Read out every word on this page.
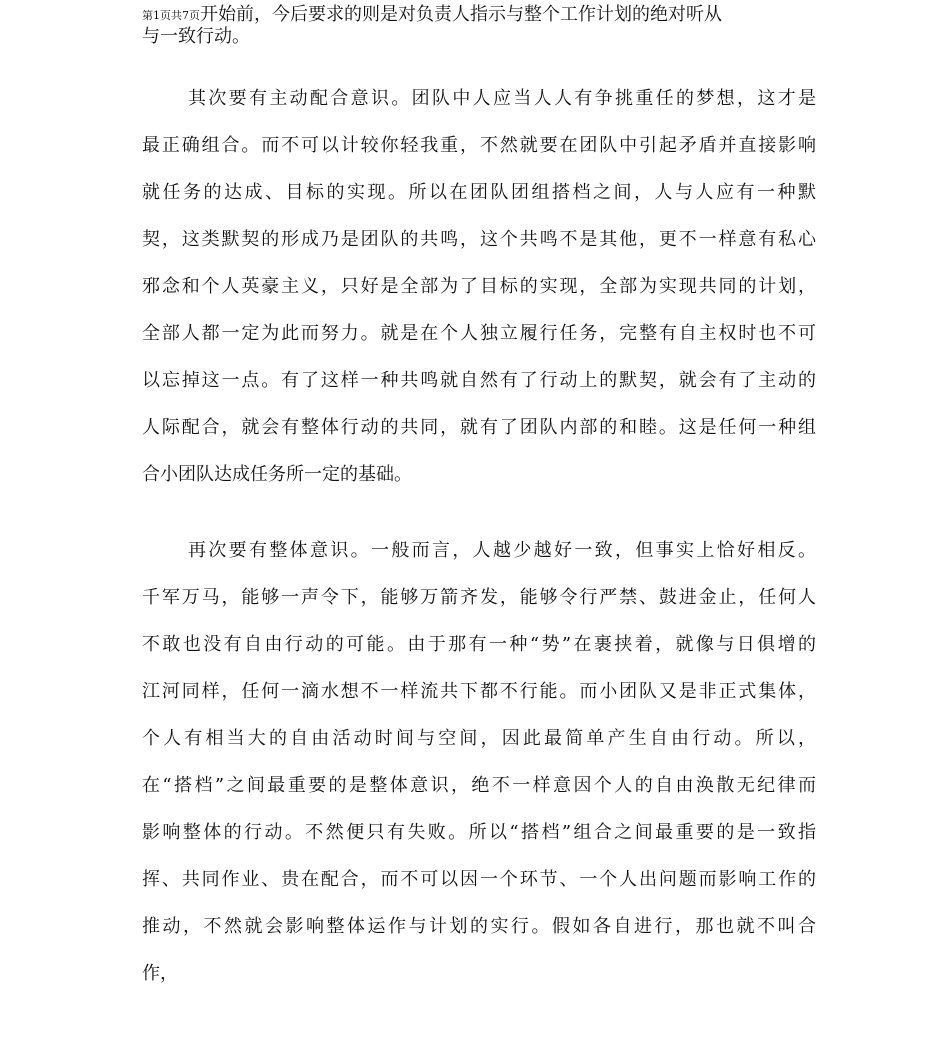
第1页共7页开始前，今后要求的则是对负责人指示与整个工作计划的绝对听从
与一致行动。
其次要有主动配合意识。团队中人应当人人有争挑重任的梦想，这才是
最正确组合。而不可以计较你轻我重，不然就要在团队中引起矛盾并直接影响
就任务的达成、目标的实现。所以在团队团组搭档之间，人与人应有一种默
契，这类默契的形成乃是团队的共鸣，这个共鸣不是其他，更不一样意有私心
邪念和个人英豪主义，只好是全部为了目标的实现，全部为实现共同的计划，
全部人都一定为此而努力。就是在个人独立履行任务，完整有自主权时也不可
以忘掉这一点。有了这样一种共鸣就自然有了行动上的默契，就会有了主动的
人际配合，就会有整体行动的共同，就有了团队内部的和睦。这是任何一种组
合小团队达成任务所一定的基础。
再次要有整体意识。一般而言，人越少越好一致，但事实上恰好相反。
千军万马，能够一声令下，能够万箭齐发，能够令行严禁、鼓进金止，任何人
不敢也没有自由行动的可能。由于那有一种“势”在裹挟着，就像与日俱增的
江河同样，任何一滴水想不一样流共下都不行能。而小团队又是非正式集体，
个人有相当大的自由活动时间与空间，因此最简单产生自由行动。所以，
在“搭档”之间最重要的是整体意识，绝不一样意因个人的自由涣散无纪律而
影响整体的行动。不然便只有失败。所以“搭档”组合之间最重要的是一致指
挥、共同作业、贵在配合，而不可以因一个环节、一个人出问题而影响工作的
推动，不然就会影响整体运作与计划的实行。假如各自进行，那也就不叫合
作，
